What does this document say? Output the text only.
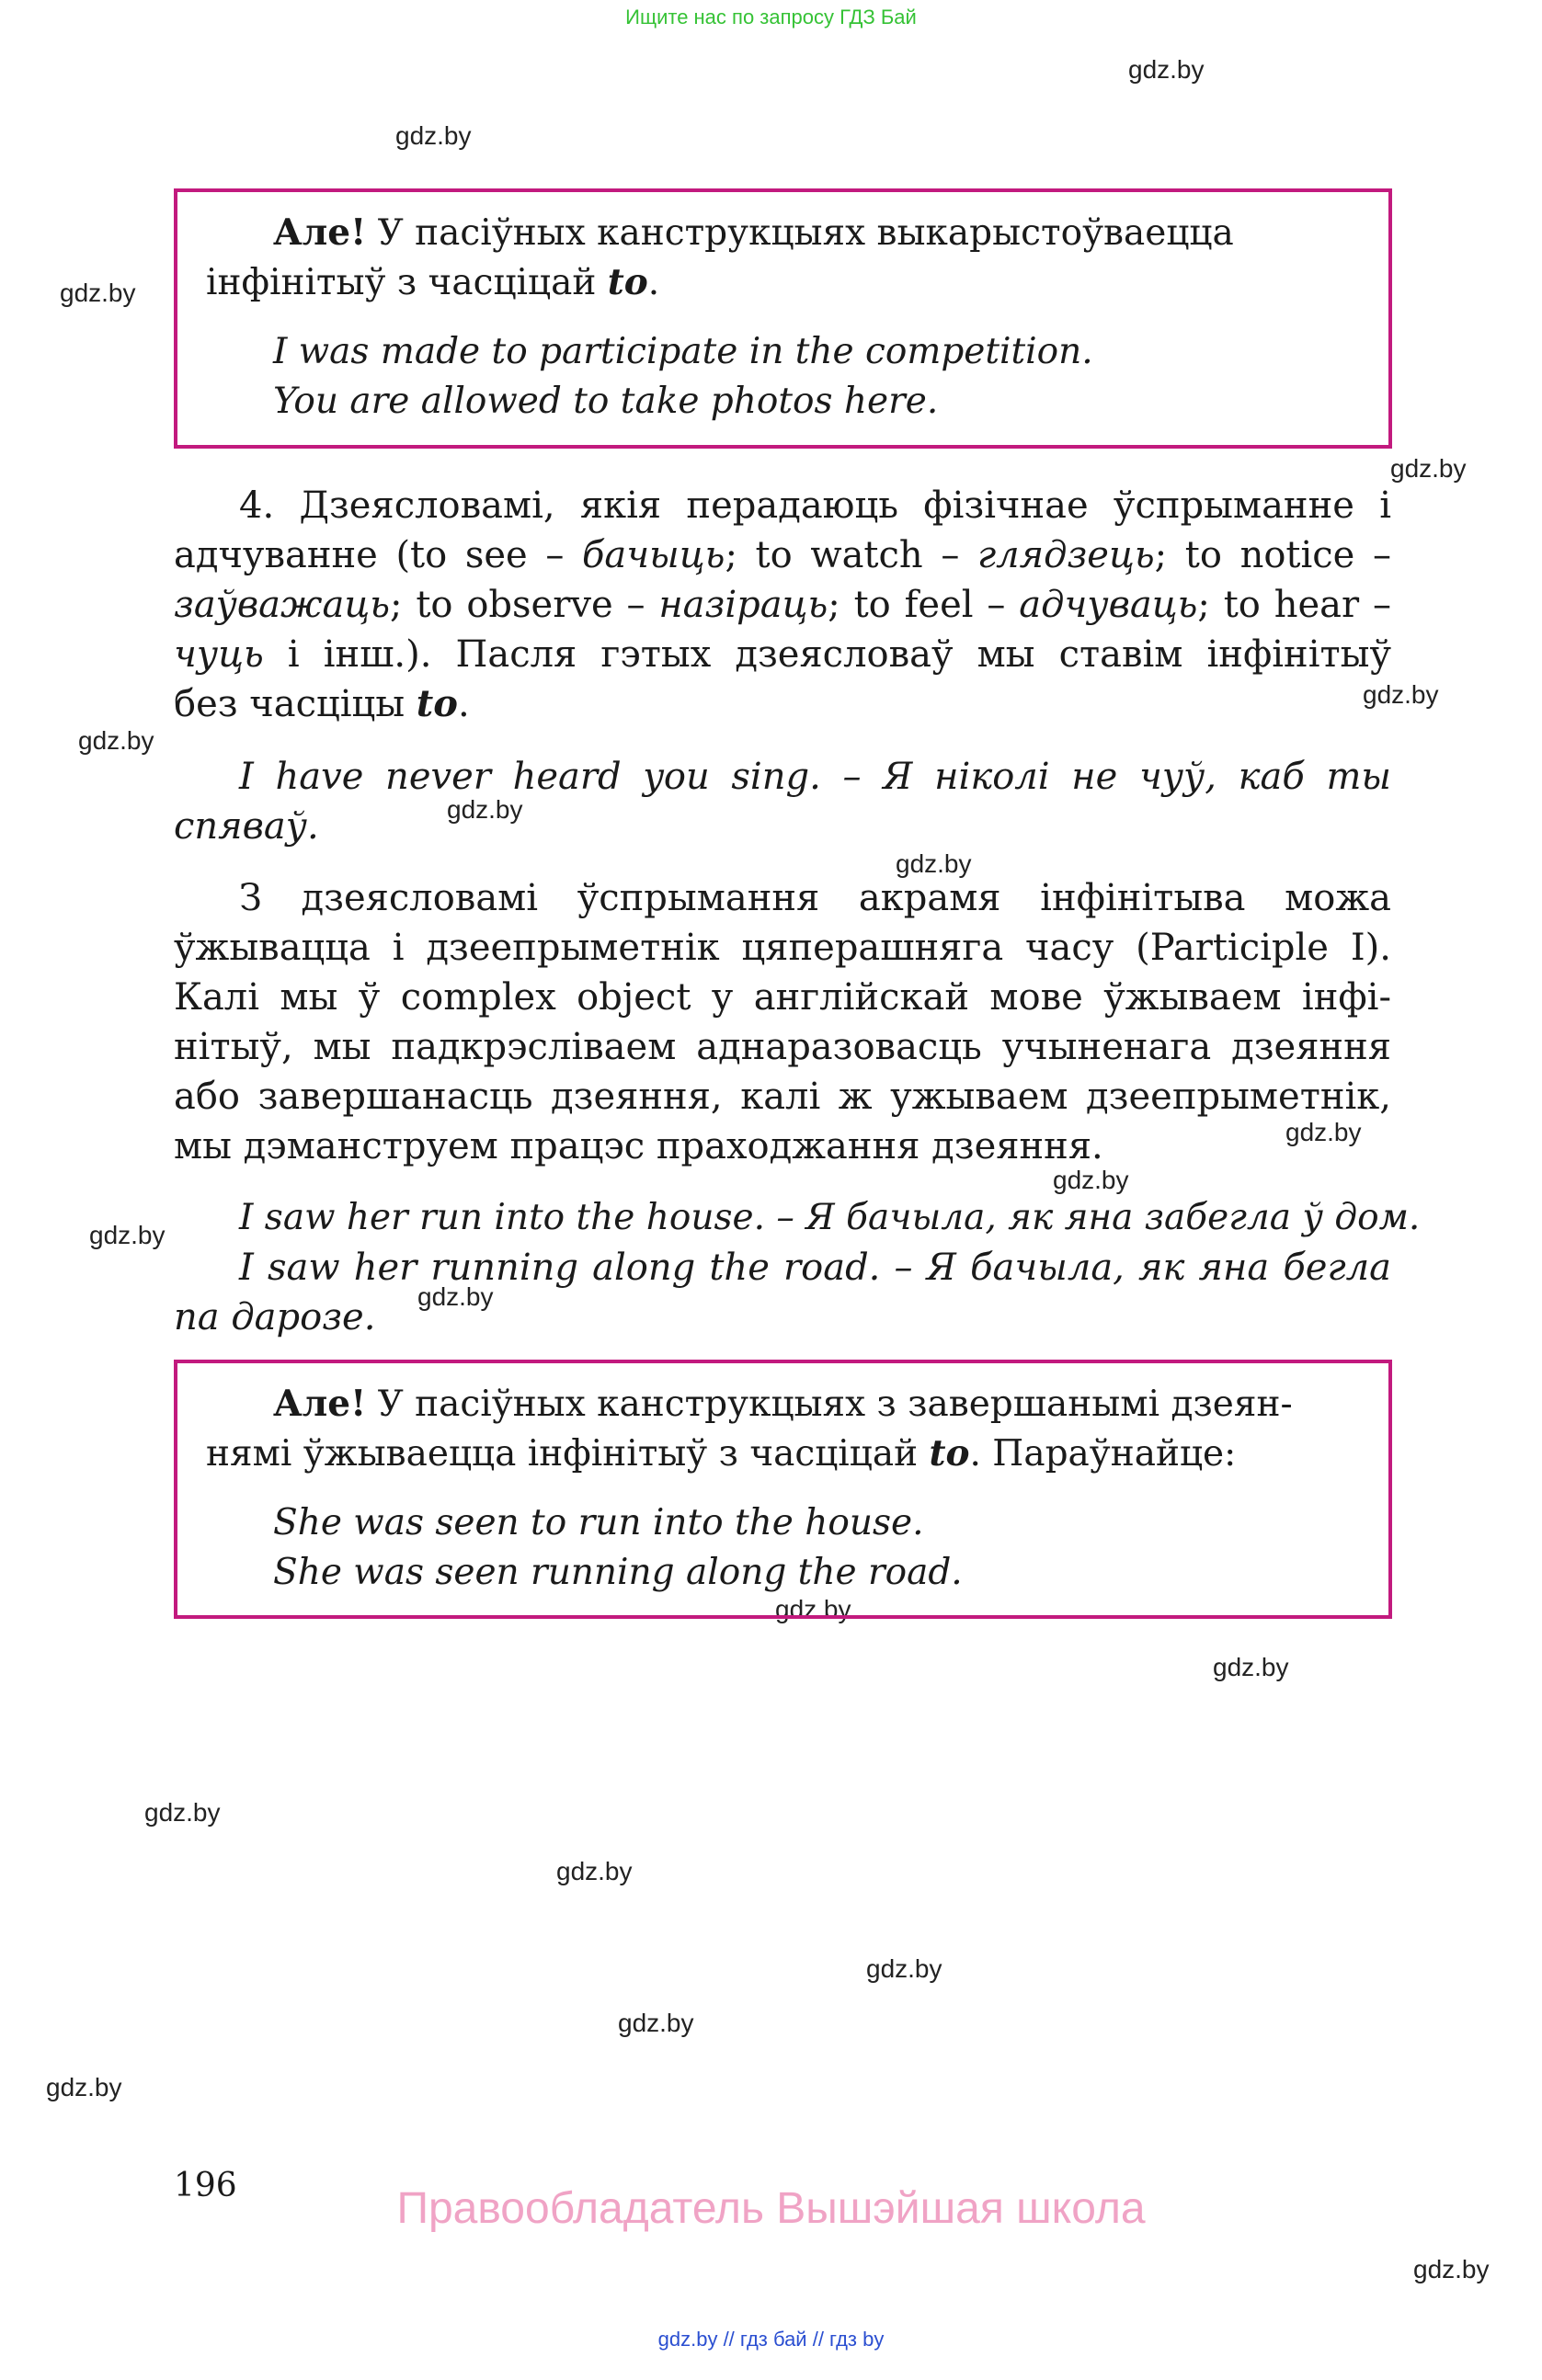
Ищите нас по запросу ГДЗ Бай
gdz.by
gdz.by
gdz.by
gdz.by
gdz.by
gdz.by
gdz.by
gdz.by
gdz.by
gdz.by
gdz.by
gdz.by
gdz.by
gdz.by
gdz.by
gdz.by
gdz.by
gdz.by
gdz.by
gdz.by
Але! У пасіўных канструкцыях выкарыстоўваецца
інфінітыў з часціцай to.
I was made to participate in the competition.
You are allowed to take photos here.
4. Дзеясловамі, якія перадаюць фізічнае ўспрыманне і
адчуванне (to see – бачыць; to watch – глядзець; to notice –
заўважаць; to observe – назіраць; to feel – адчуваць; to hear –
чуць і інш.). Пасля гэтых дзеясловаў мы ставім інфінітыў
без часціцы to.
I have never heard you sing. – Я ніколі не чуў, каб ты
спяваў.
З дзеясловамі ўспрымання акрамя інфінітыва можа
ўжывацца і дзеепрыметнік цяперашняга часу (Participle I).
Калі мы ў complex object у англійскай мове ўжываем інфі-
нітыў, мы падкрэсліваем аднаразовасць учыненага дзеяння
або завершанасць дзеяння, калі ж ужываем дзеепрыметнік,
мы дэманструем працэс праходжання дзеяння.
I saw her run into the house. – Я бачыла, як яна забегла ў дом.
I saw her running along the road. – Я бачыла, як яна бегла
па дарозе.
Але! У пасіўных канструкцыях з завершанымі дзеян-
нямі ўжываецца інфінітыў з часціцай to. Параўнайце:
She was seen to run into the house.
She was seen running along the road.
196	Правообладатель Вышэйшая школа
gdz.by // гдз бай // гдз by
